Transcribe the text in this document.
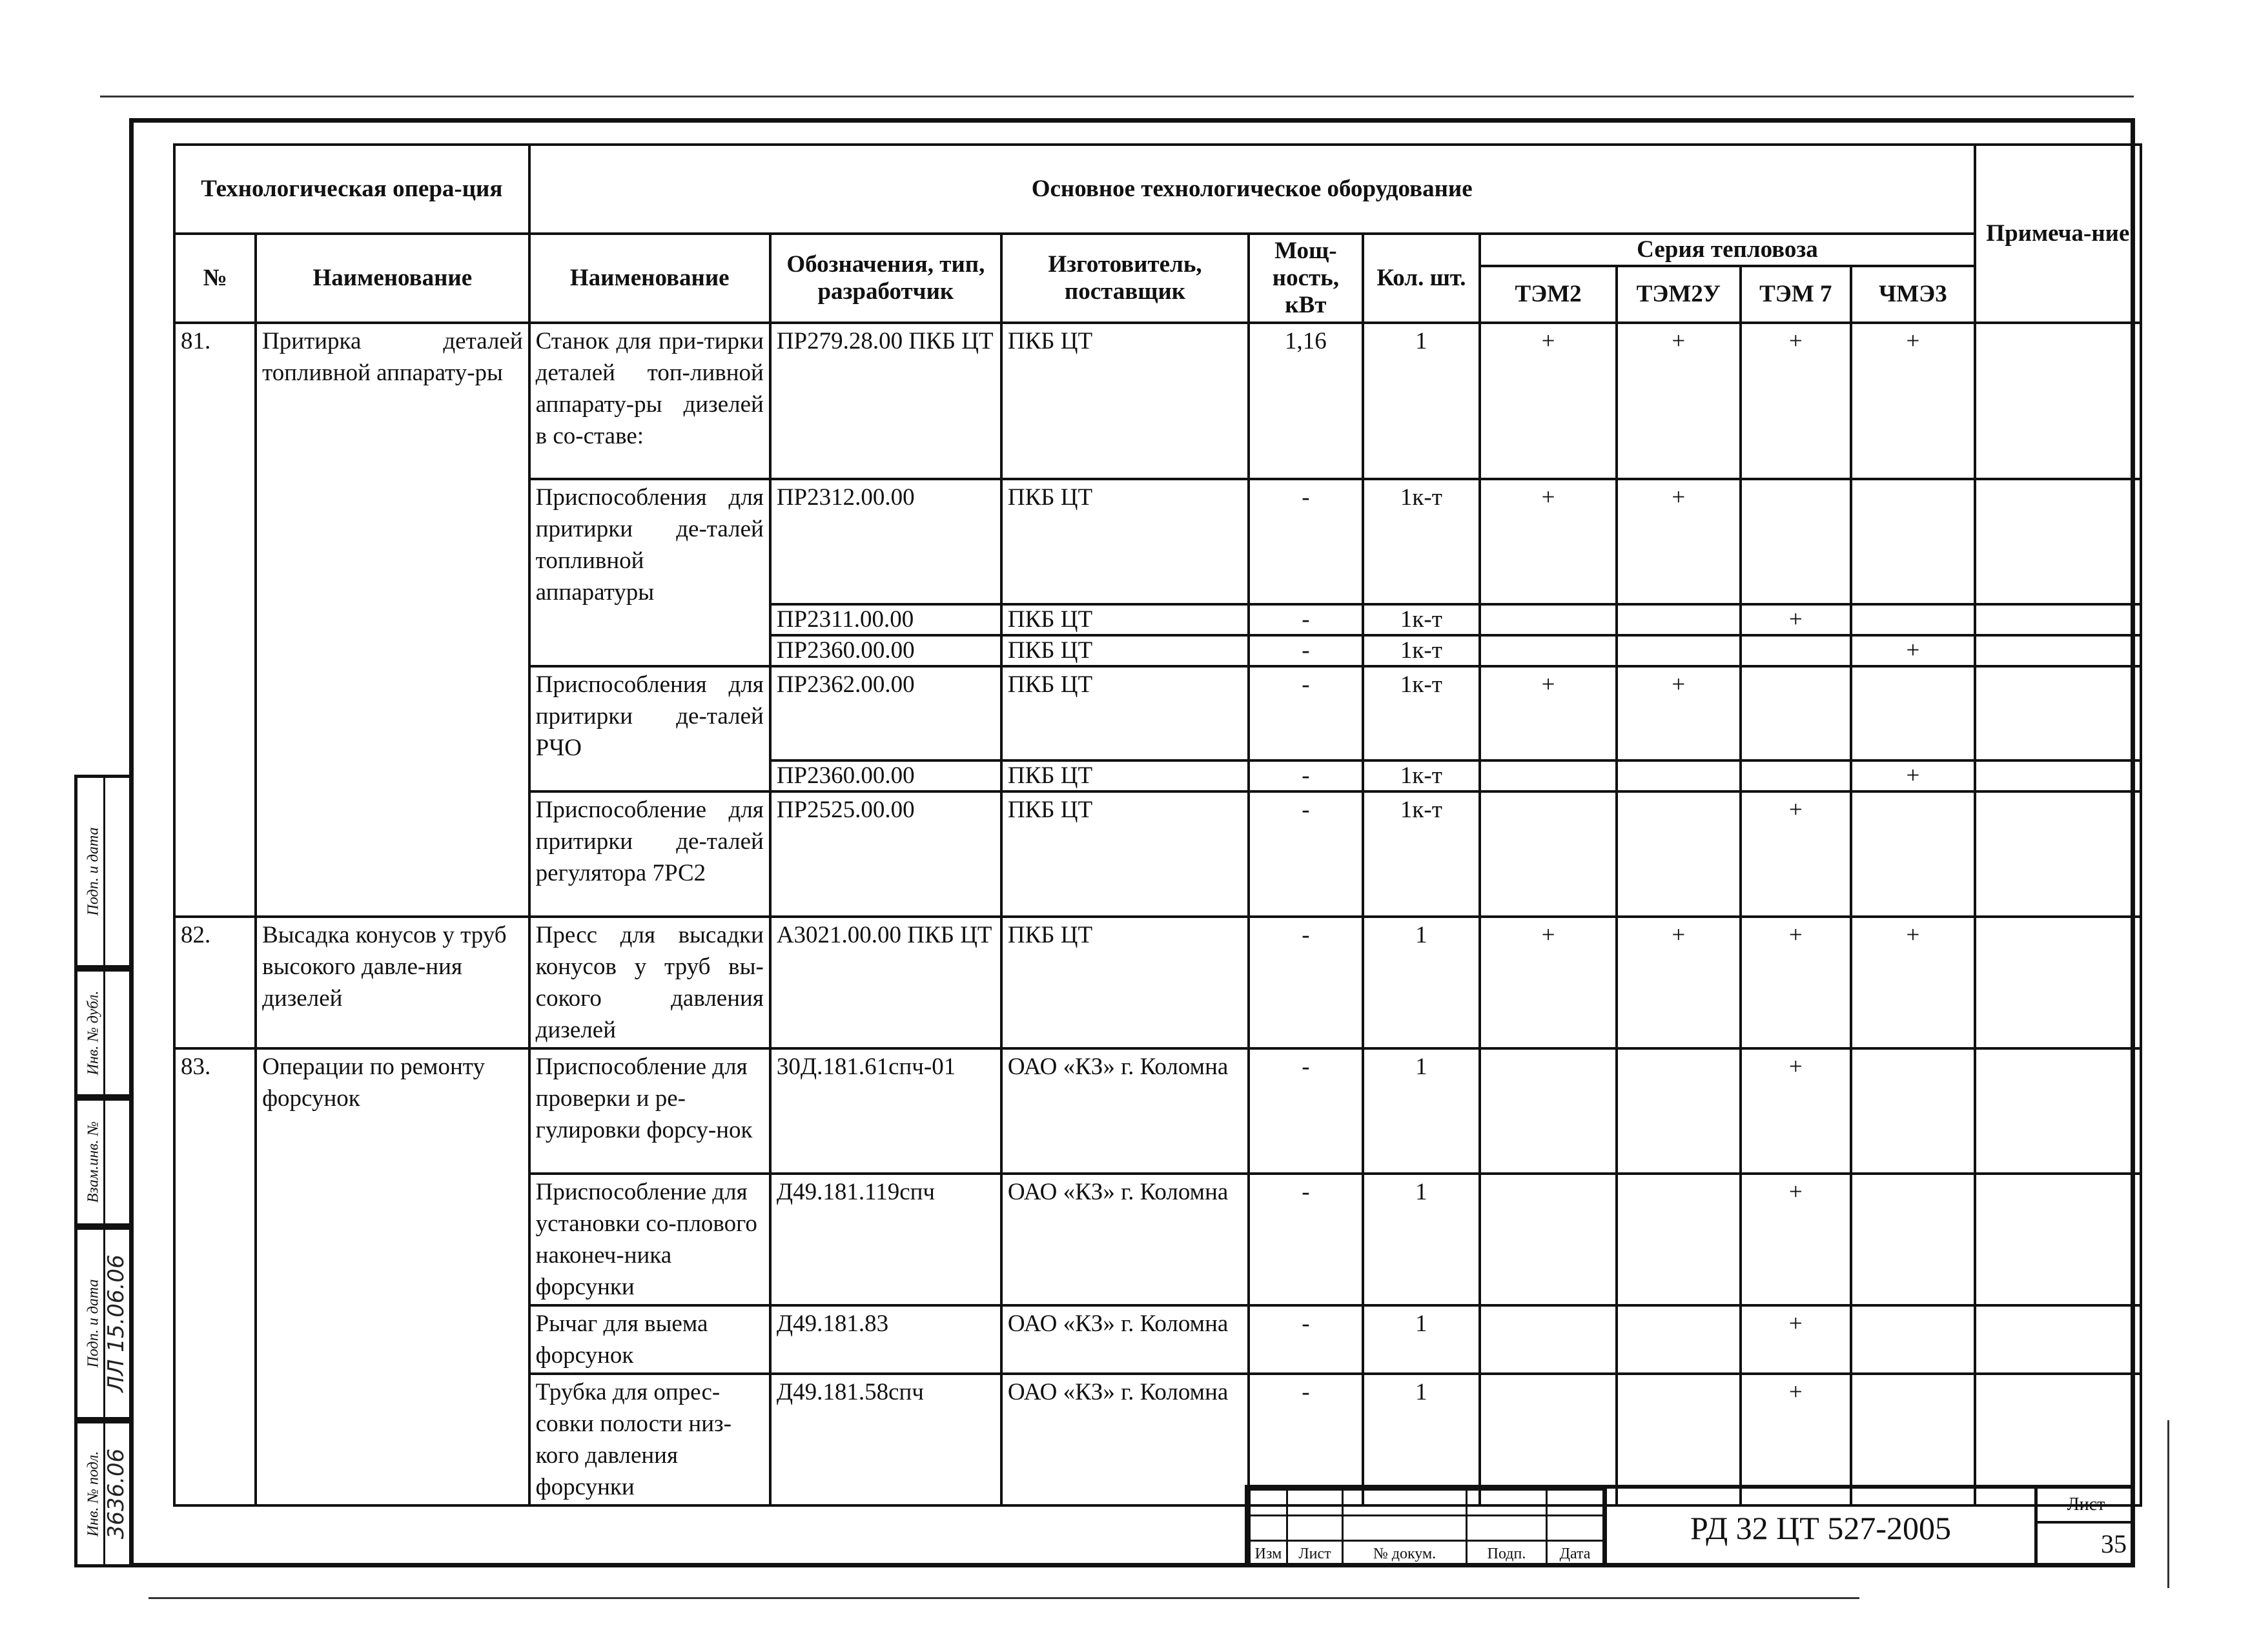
Технологическая опера-ция		Основное технологическое оборудование									Примеча-ние
№	Наименование	Наименование	Обозначения, тип, разработчик	Изготовитель, поставщик	Мощ-ность, кВт	Кол. шт.	Серия тепловоза				
							ТЭМ2	ТЭМ2У	ТЭМ 7	ЧМЭ3	
81.	Притирка деталей топливной аппарату-ры	Станок для при-тирки деталей топ-ливной аппарату-ры дизелей в со-ставе:	ПР279.28.00 ПКБ ЦТ	ПКБ ЦТ	1,16	1	+	+	+	+	
		Приспособления для притирки де-талей топливной аппаратуры	ПР2312.00.00	ПКБ ЦТ	-	1к-т	+	+			
			ПР2311.00.00	ПКБ ЦТ	-	1к-т			+		
			ПР2360.00.00	ПКБ ЦТ	-	1к-т				+	
		Приспособления для притирки де-талей РЧО	ПР2362.00.00	ПКБ ЦТ	-	1к-т	+	+			
			ПР2360.00.00	ПКБ ЦТ	-	1к-т				+	
		Приспособление для притирки де-талей регулятора 7РС2	ПР2525.00.00	ПКБ ЦТ	-	1к-т			+		
82.	Высадка конусов у труб высокого давле-ния дизелей	Пресс для высадки конусов у труб вы-сокого давления дизелей	А3021.00.00 ПКБ ЦТ	ПКБ ЦТ	-	1	+	+	+	+	
83.	Операции по ремонту форсунок	Приспособление для проверки и ре-гулировки форсу-нок	30Д.181.61спч-01	ОАО «КЗ» г. Коломна	-	1			+		
		Приспособление для установки со-плового наконеч-ника форсунки	Д49.181.119спч	ОАО «КЗ» г. Коломна	-	1			+		
		Рычаг для выема форсунок	Д49.181.83	ОАО «КЗ» г. Коломна	-	1			+		
		Трубка для опрес-совки полости низ-кого давления форсунки	Д49.181.58спч	ОАО «КЗ» г. Коломна	-	1			+		
Подп. и дата
Инв. № дубл.
Взам.инв. №
Подп. и дата ЛЛ 15.06.06
Инв. № подл. 3636.06

Изм	Лист	№ докум.	Подп.	Дата
РД 32 ЦТ 527-2005
Лист
35
